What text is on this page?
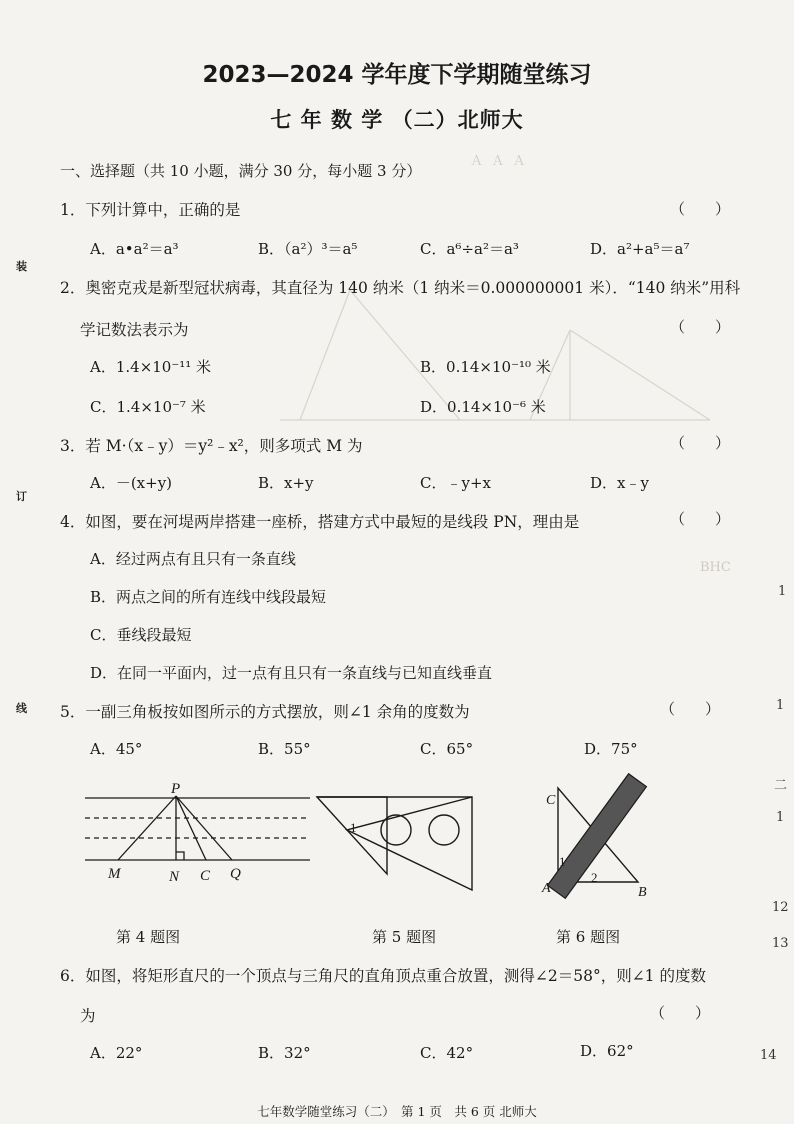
Ａ  Ａ  Ａ
ВНС
2023—2024 学年度下学期随堂练习
七 年 数 学 （二）北师大
一、选择题（共 10 小题，满分 30 分，每小题 3 分）
1．下列计算中，正确的是	（　　）
A．a•a²＝a³	B．（a²）³＝a⁵	C．a⁶÷a²＝a³	D．a²+a⁵＝a⁷
2．奥密克戎是新型冠状病毒，其直径为 140 纳米（1 纳米＝0.000000001 米）．“140 纳米”用科
学记数法表示为	（　　）
A．1.4×10⁻¹¹ 米	B．0.14×10⁻¹⁰ 米
C．1.4×10⁻⁷ 米	D．0.14×10⁻⁶ 米
3．若 M·（x﹣y）＝y²﹣x²，则多项式 M 为	（　　）
A．－(x+y)	B．x+y	C．﹣y+x	D．x﹣y
4．如图，要在河堤两岸搭建一座桥，搭建方式中最短的是线段 PN，理由是	（　　）
A．经过两点有且只有一条直线
B．两点之间的所有连线中线段最短
C．垂线段最短
D．在同一平面内，过一点有且只有一条直线与已知直线垂直
5．一副三角板按如图所示的方式摆放，则∠1 余角的度数为	（　　）
A．45°	B．55°	C．65°	D．75°
P
M	N C Q
第 4 题图
1
第 5 题图
C
A	B
1
2
第 6 题图
6．如图，将矩形直尺的一个顶点与三角尺的直角顶点重合放置，测得∠2＝58°，则∠1 的度数
为	（　　）
A．22°	B．32°	C．42°	D．62°
装
订
线
1
1
二
1
12
13
14
七年数学随堂练习（二）　第 1 页　共 6 页 北师大
